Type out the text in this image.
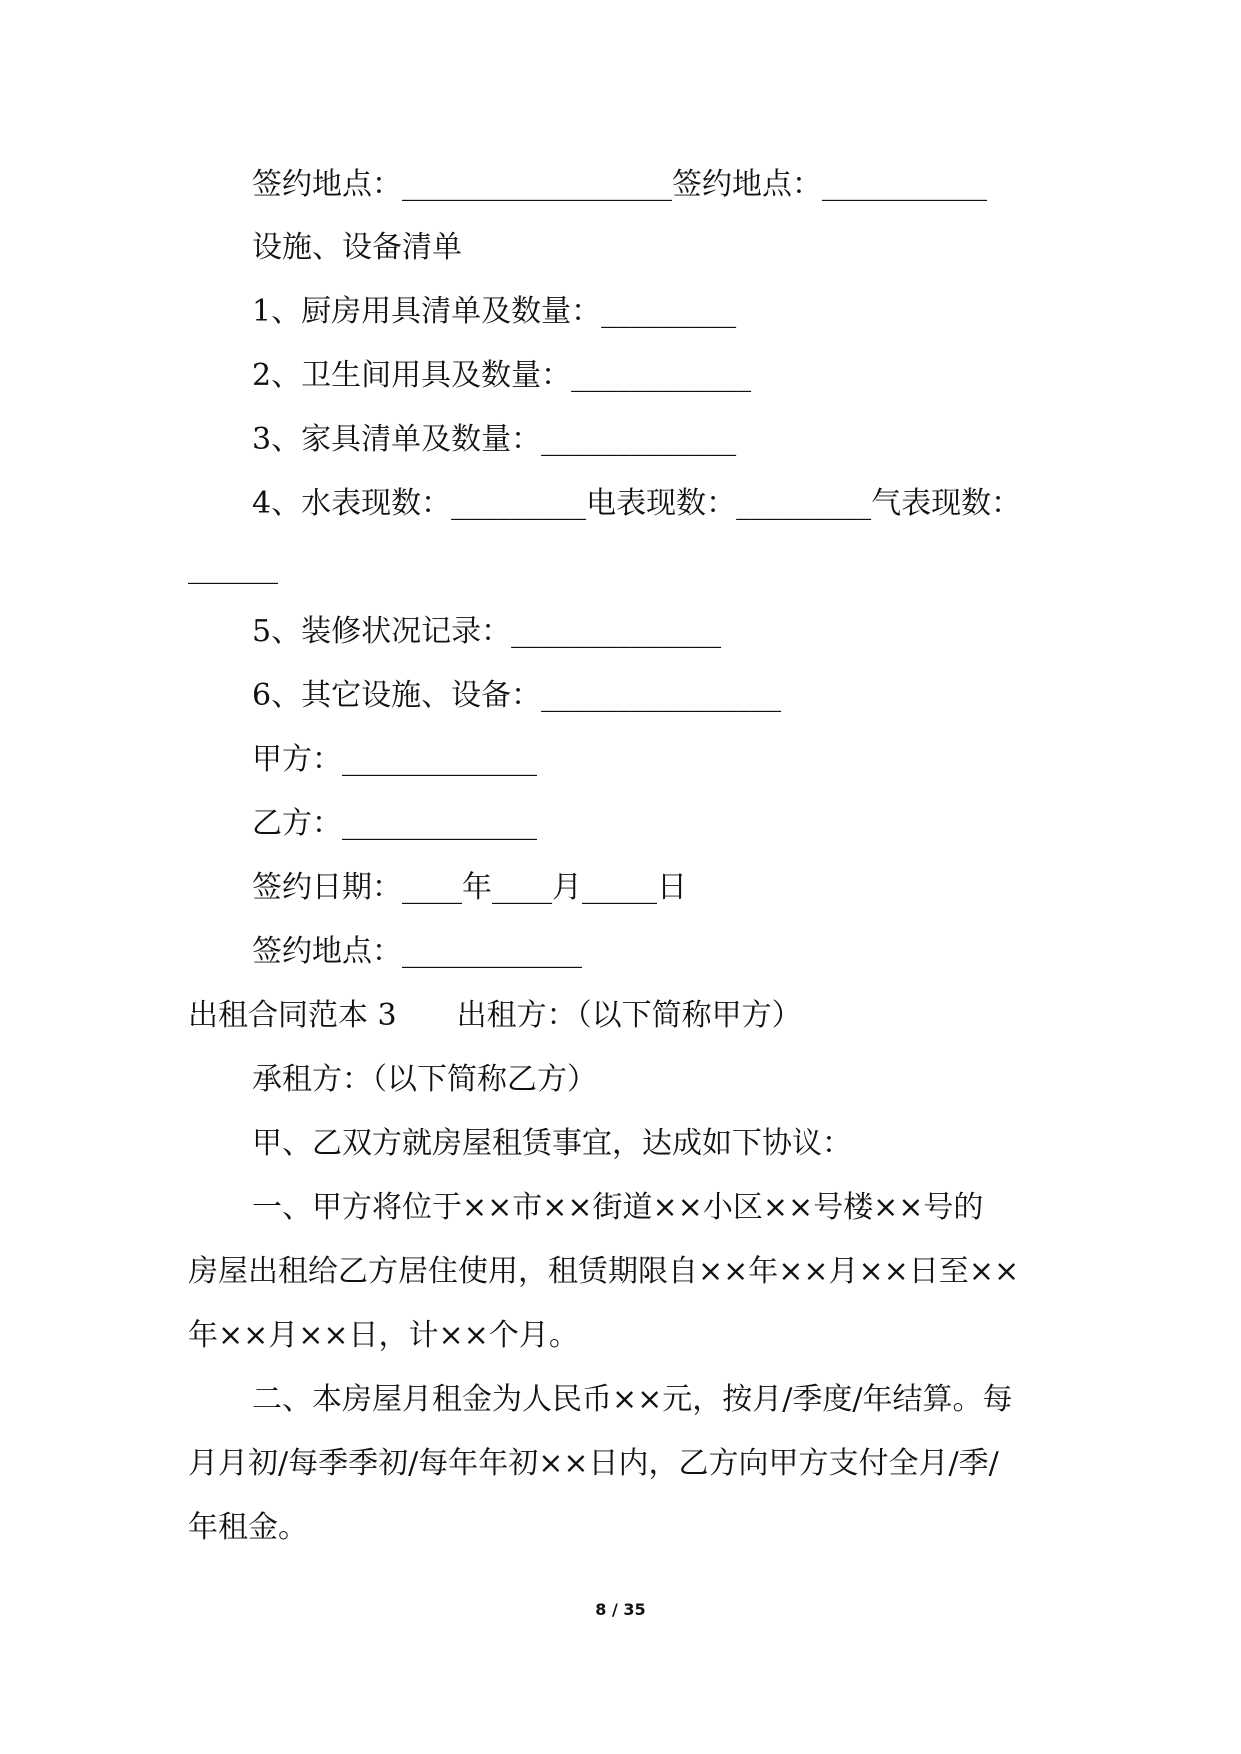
签约地点：__________________签约地点：___________
设施、设备清单
1、厨房用具清单及数量：_________
2、卫生间用具及数量：____________
3、家具清单及数量：_____________
4、水表现数：_________电表现数：_________气表现数：
______
5、装修状况记录：______________
6、其它设施、设备：________________
甲方：_____________
乙方：_____________
签约日期：____年____月_____日
签约地点：____________
出租合同范本 3　　出租方：（以下简称甲方）
承租方：（以下简称乙方）
甲、乙双方就房屋租赁事宜，达成如下协议：
一、甲方将位于××市××街道××小区××号楼××号的
房屋出租给乙方居住使用，租赁期限自××年××月××日至××
年××月××日，计××个月。
二、本房屋月租金为人民币××元，按月/季度/年结算。每
月月初/每季季初/每年年初××日内，乙方向甲方支付全月/季/
年租金。
8 / 35
